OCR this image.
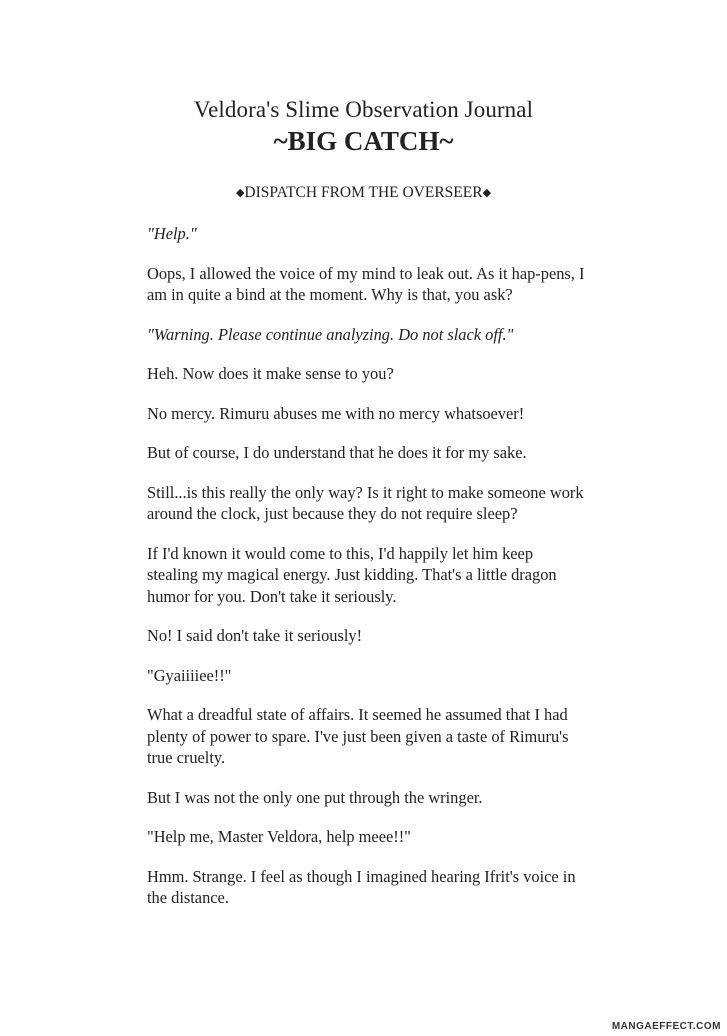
Veldora's Slime Observation Journal
~BIG CATCH~
◆DISPATCH FROM THE OVERSEER◆

"Help."

Oops, I allowed the voice of my mind to leak out. As it hap-pens, I am in quite a bind at the moment. Why is that, you ask?

"Warning. Please continue analyzing. Do not slack off."

Heh. Now does it make sense to you?

No mercy. Rimuru abuses me with no mercy whatsoever!

But of course, I do understand that he does it for my sake.

Still...is this really the only way? Is it right to make someone work around the clock, just because they do not require sleep?

If I'd known it would come to this, I'd happily let him keep stealing my magical energy. Just kidding. That's a little dragon humor for you. Don't take it seriously.

No! I said don't take it seriously!

"Gyaiiiiee!!"

What a dreadful state of affairs. It seemed he assumed that I had plenty of power to spare. I've just been given a taste of Rimuru's true cruelty.

But I was not the only one put through the wringer.

"Help me, Master Veldora, help meee!!"

Hmm. Strange. I feel as though I imagined hearing Ifrit's voice in the distance.

MANGAEFFECT.COM
